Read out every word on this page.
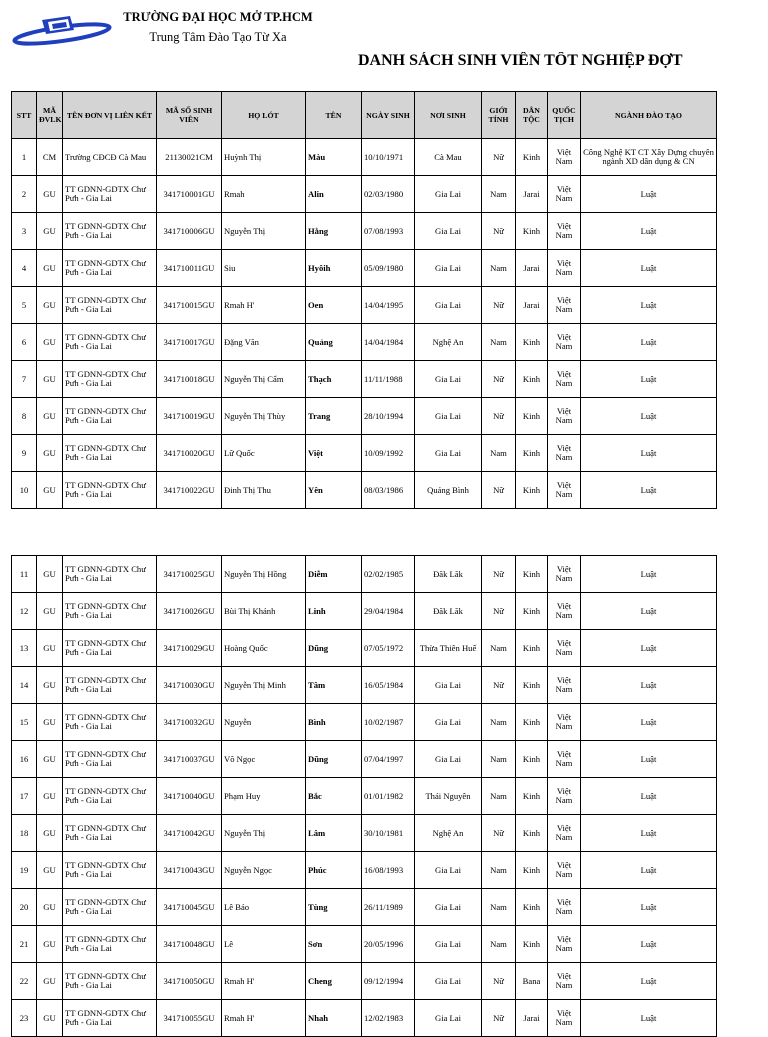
TRƯỜNG ĐẠI HỌC MỞ TP.HCM
Trung Tâm Đào Tạo Từ Xa
DANH SÁCH SINH VIÊN TỐT NGHIỆP ĐỢT
STT	MÃ ĐVLK	TÊN ĐƠN VỊ LIÊN KẾT	MÃ SỐ SINH VIÊN	HỌ LÓT	TÊN	NGÀY SINH	NƠI SINH	GIỚI TÍNH	DÂN TỘC	QUỐC TỊCH	NGÀNH ĐÀO TẠO
1	CM	Trường CĐCĐ Cà Mau	21130021CM	Huỳnh Thị	Màu	10/10/1971	Cà Mau	Nữ	Kinh	Việt Nam	Công Nghệ KT CT Xây Dựng chuyên ngành XD dân dụng & CN
2	GU	TT GDNN-GDTX Chư Pưh - Gia Lai	341710001GU	Rmah	Alin	02/03/1980	Gia Lai	Nam	Jarai	Việt Nam	Luật
3	GU	TT GDNN-GDTX Chư Pưh - Gia Lai	341710006GU	Nguyễn Thị	Hằng	07/08/1993	Gia Lai	Nữ	Kinh	Việt Nam	Luật
4	GU	TT GDNN-GDTX Chư Pưh - Gia Lai	341710011GU	Siu	Hyôih	05/09/1980	Gia Lai	Nam	Jarai	Việt Nam	Luật
5	GU	TT GDNN-GDTX Chư Pưh - Gia Lai	341710015GU	Rmah H'	Oen	14/04/1995	Gia Lai	Nữ	Jarai	Việt Nam	Luật
6	GU	TT GDNN-GDTX Chư Pưh - Gia Lai	341710017GU	Đặng Văn	Quảng	14/04/1984	Nghệ An	Nam	Kinh	Việt Nam	Luật
7	GU	TT GDNN-GDTX Chư Pưh - Gia Lai	341710018GU	Nguyễn Thị Cẩm	Thạch	11/11/1988	Gia Lai	Nữ	Kinh	Việt Nam	Luật
8	GU	TT GDNN-GDTX Chư Pưh - Gia Lai	341710019GU	Nguyễn Thị Thùy	Trang	28/10/1994	Gia Lai	Nữ	Kinh	Việt Nam	Luật
9	GU	TT GDNN-GDTX Chư Pưh - Gia Lai	341710020GU	Lữ Quốc	Việt	10/09/1992	Gia Lai	Nam	Kinh	Việt Nam	Luật
10	GU	TT GDNN-GDTX Chư Pưh - Gia Lai	341710022GU	Đinh Thị Thu	Yên	08/03/1986	Quảng Bình	Nữ	Kinh	Việt Nam	Luật
11	GU	TT GDNN-GDTX Chư Pưh - Gia Lai	341710025GU	Nguyễn Thị Hồng	Diễm	02/02/1985	Đăk Lăk	Nữ	Kinh	Việt Nam	Luật
12	GU	TT GDNN-GDTX Chư Pưh - Gia Lai	341710026GU	Bùi Thị Khánh	Linh	29/04/1984	Đăk Lăk	Nữ	Kinh	Việt Nam	Luật
13	GU	TT GDNN-GDTX Chư Pưh - Gia Lai	341710029GU	Hoàng Quốc	Dũng	07/05/1972	Thừa Thiên Huế	Nam	Kinh	Việt Nam	Luật
14	GU	TT GDNN-GDTX Chư Pưh - Gia Lai	341710030GU	Nguyễn Thị Minh	Tâm	16/05/1984	Gia Lai	Nữ	Kinh	Việt Nam	Luật
15	GU	TT GDNN-GDTX Chư Pưh - Gia Lai	341710032GU	Nguyễn	Bình	10/02/1987	Gia Lai	Nam	Kinh	Việt Nam	Luật
16	GU	TT GDNN-GDTX Chư Pưh - Gia Lai	341710037GU	Võ Ngọc	Dũng	07/04/1997	Gia Lai	Nam	Kinh	Việt Nam	Luật
17	GU	TT GDNN-GDTX Chư Pưh - Gia Lai	341710040GU	Phạm Huy	Bắc	01/01/1982	Thái Nguyên	Nam	Kinh	Việt Nam	Luật
18	GU	TT GDNN-GDTX Chư Pưh - Gia Lai	341710042GU	Nguyễn Thị	Lâm	30/10/1981	Nghệ An	Nữ	Kinh	Việt Nam	Luật
19	GU	TT GDNN-GDTX Chư Pưh - Gia Lai	341710043GU	Nguyễn Ngọc	Phúc	16/08/1993	Gia Lai	Nam	Kinh	Việt Nam	Luật
20	GU	TT GDNN-GDTX Chư Pưh - Gia Lai	341710045GU	Lê Bảo	Tùng	26/11/1989	Gia Lai	Nam	Kinh	Việt Nam	Luật
21	GU	TT GDNN-GDTX Chư Pưh - Gia Lai	341710048GU	Lê	Sơn	20/05/1996	Gia Lai	Nam	Kinh	Việt Nam	Luật
22	GU	TT GDNN-GDTX Chư Pưh - Gia Lai	341710050GU	Rmah H'	Cheng	09/12/1994	Gia Lai	Nữ	Bana	Việt Nam	Luật
23	GU	TT GDNN-GDTX Chư Pưh - Gia Lai	341710055GU	Rmah H'	Nhah	12/02/1983	Gia Lai	Nữ	Jarai	Việt Nam	Luật
